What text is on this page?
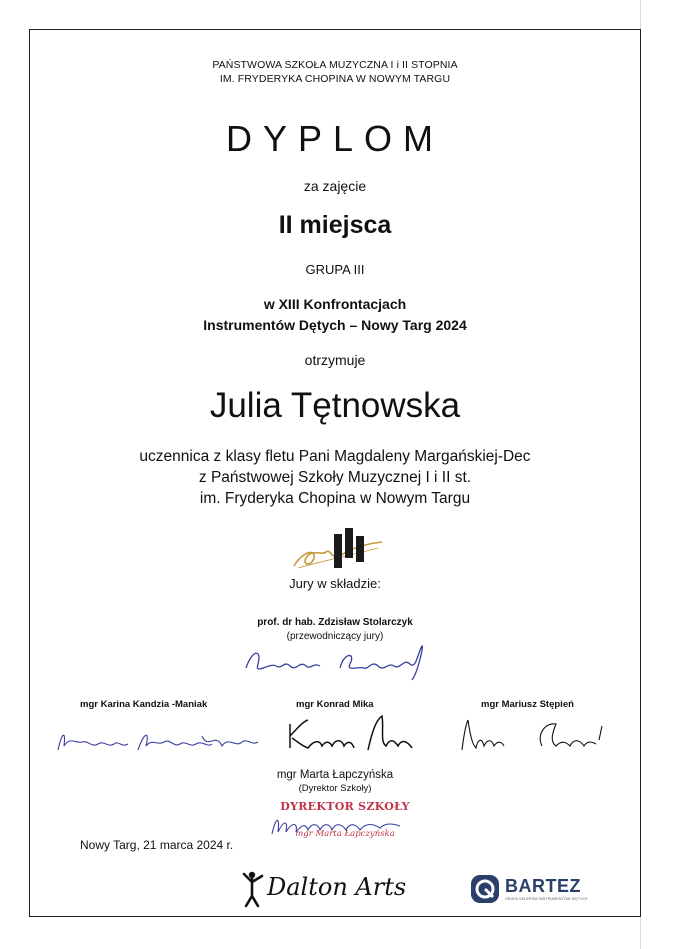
PAŃSTWOWA SZKOŁA MUZYCZNA I i II STOPNIA
IM. FRYDERYKA CHOPINA W NOWYM TARGU
DYPLOM
za zajęcie
II miejsca
GRUPA III
w XIII Konfrontacjach
Instrumentów Dętych – Nowy Targ 2024
otrzymuje
Julia Tętnowska
uczennica z klasy fletu Pani Magdaleny Margańskiej-Dec
z Państwowej Szkoły Muzycznej I i II st.
im. Fryderyka Chopina w Nowym Targu
Jury w składzie:
prof. dr hab. Zdzisław Stolarczyk
(przewodniczący jury)
mgr Karina Kandzia -Maniak	mgr Konrad Mika	mgr Mariusz Stępień
mgr Marta Łapczyńska
(Dyrektor Szkoły)
DYREKTOR SZKOŁY
mgr Marta Łapczyńska
Nowy Targ, 21 marca 2024 r.
Dalton Arts	BARTEZ
GRUPA SKLEPÓW INSTRUMENTÓW DĘTYCH
